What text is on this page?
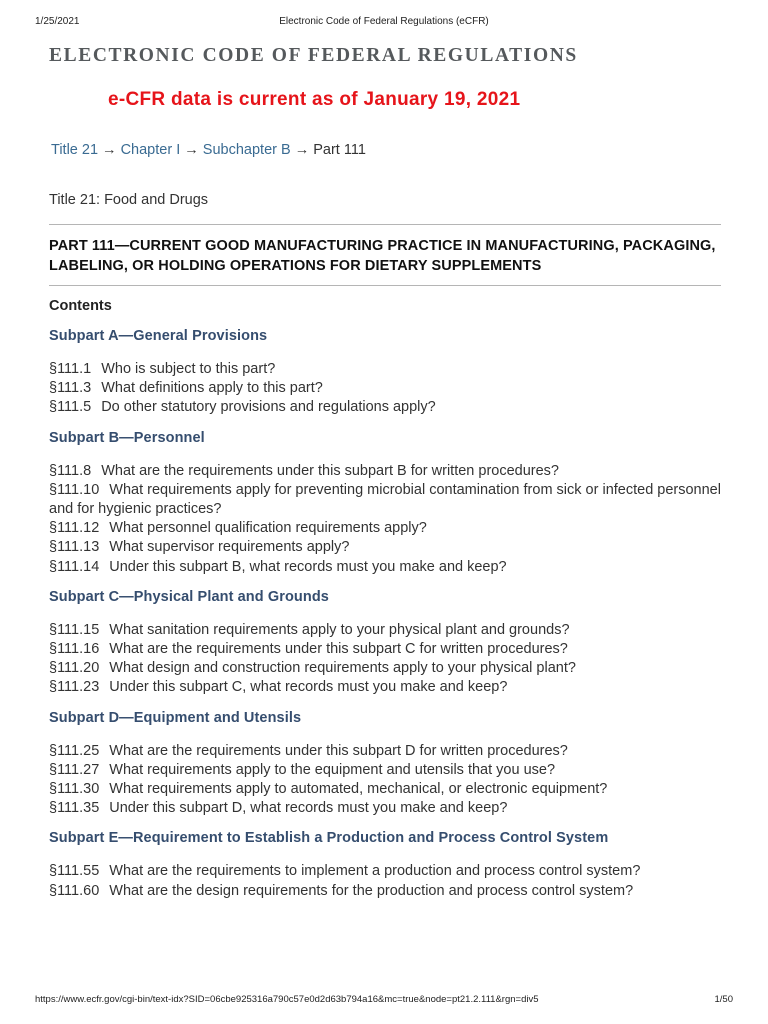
1/25/2021	Electronic Code of Federal Regulations (eCFR)
ELECTRONIC CODE OF FEDERAL REGULATIONS
e-CFR data is current as of January 19, 2021
Title 21 → Chapter I → Subchapter B → Part 111
Title 21: Food and Drugs
PART 111—CURRENT GOOD MANUFACTURING PRACTICE IN MANUFACTURING, PACKAGING, LABELING, OR HOLDING OPERATIONS FOR DIETARY SUPPLEMENTS
Contents
Subpart A—General Provisions
§111.1 Who is subject to this part?
§111.3 What definitions apply to this part?
§111.5 Do other statutory provisions and regulations apply?
Subpart B—Personnel
§111.8 What are the requirements under this subpart B for written procedures?
§111.10 What requirements apply for preventing microbial contamination from sick or infected personnel and for hygienic practices?
§111.12 What personnel qualification requirements apply?
§111.13 What supervisor requirements apply?
§111.14 Under this subpart B, what records must you make and keep?
Subpart C—Physical Plant and Grounds
§111.15 What sanitation requirements apply to your physical plant and grounds?
§111.16 What are the requirements under this subpart C for written procedures?
§111.20 What design and construction requirements apply to your physical plant?
§111.23 Under this subpart C, what records must you make and keep?
Subpart D—Equipment and Utensils
§111.25 What are the requirements under this subpart D for written procedures?
§111.27 What requirements apply to the equipment and utensils that you use?
§111.30 What requirements apply to automated, mechanical, or electronic equipment?
§111.35 Under this subpart D, what records must you make and keep?
Subpart E—Requirement to Establish a Production and Process Control System
§111.55 What are the requirements to implement a production and process control system?
§111.60 What are the design requirements for the production and process control system?
https://www.ecfr.gov/cgi-bin/text-idx?SID=06cbe925316a790c57e0d2d63b794a16&mc=true&node=pt21.2.111&rgn=div5	1/50
